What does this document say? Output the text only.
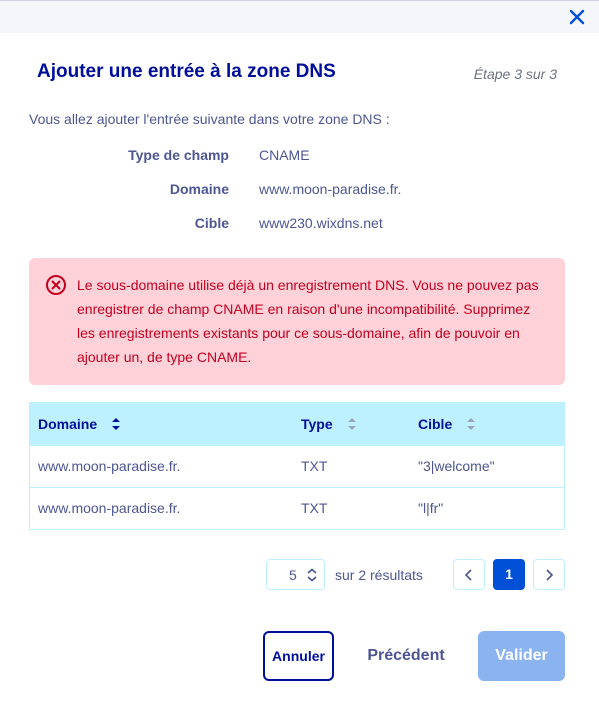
Ajouter une entrée à la zone DNS	Étape 3 sur 3
Vous allez ajouter l'entrée suivante dans votre zone DNS :
Type de champ CNAME
Domaine www.moon-paradise.fr.
Cible www230.wixdns.net
Le sous-domaine utilise déjà un enregistrement DNS. Vous ne pouvez pas enregistrer de champ CNAME en raison d'une incompatibilité. Supprimez les enregistrements existants pour ce sous-domaine, afin de pouvoir en ajouter un, de type CNAME.
Domaine	Type	Cible
www.moon-paradise.fr.	TXT	"3|welcome"
www.moon-paradise.fr.	TXT	"l|fr"
5	sur 2 résultats	1
Annuler	Précédent	Valider
